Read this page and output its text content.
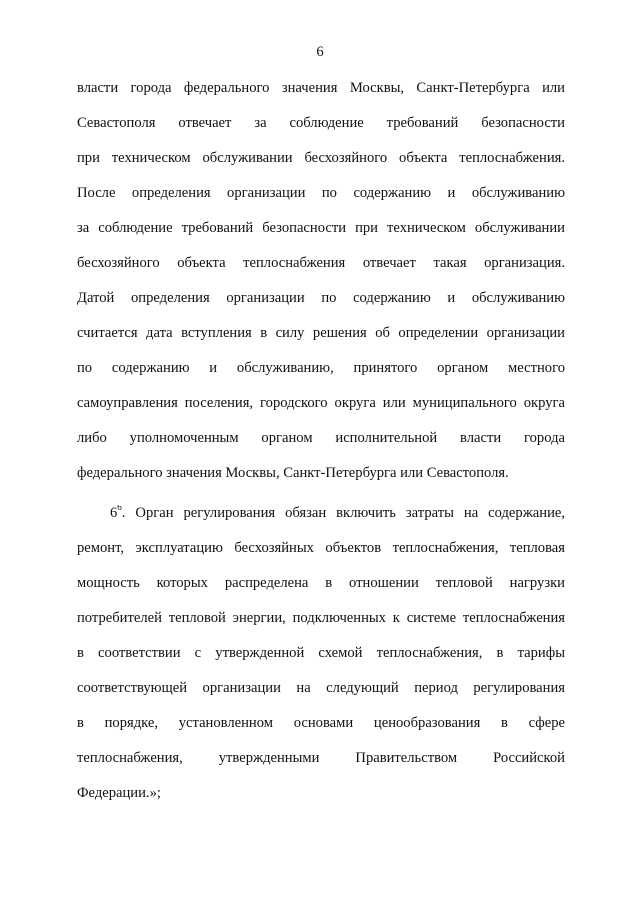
6
власти города федерального значения Москвы, Санкт-Петербурга или
Севастополя отвечает за соблюдение требований безопасности
при техническом обслуживании бесхозяйного объекта теплоснабжения.
После определения организации по содержанию и обслуживанию
за соблюдение требований безопасности при техническом обслуживании
бесхозяйного объекта теплоснабжения отвечает такая организация.
Датой определения организации по содержанию и обслуживанию
считается дата вступления в силу решения об определении организации
по содержанию и обслуживанию, принятого органом местного
самоуправления поселения, городского округа или муниципального округа
либо уполномоченным органом исполнительной власти города
федерального значения Москвы, Санкт-Петербурга или Севастополя.
$6^6$. Орган регулирования обязан включить затраты на содержание,
ремонт, эксплуатацию бесхозяйных объектов теплоснабжения, тепловая
мощность которых распределена в отношении тепловой нагрузки
потребителей тепловой энергии, подключенных к системе теплоснабжения
в соответствии с утвержденной схемой теплоснабжения, в тарифы
соответствующей организации на следующий период регулирования
в порядке, установленном основами ценообразования в сфере
теплоснабжения, утвержденными Правительством Российской
Федерации.»;
